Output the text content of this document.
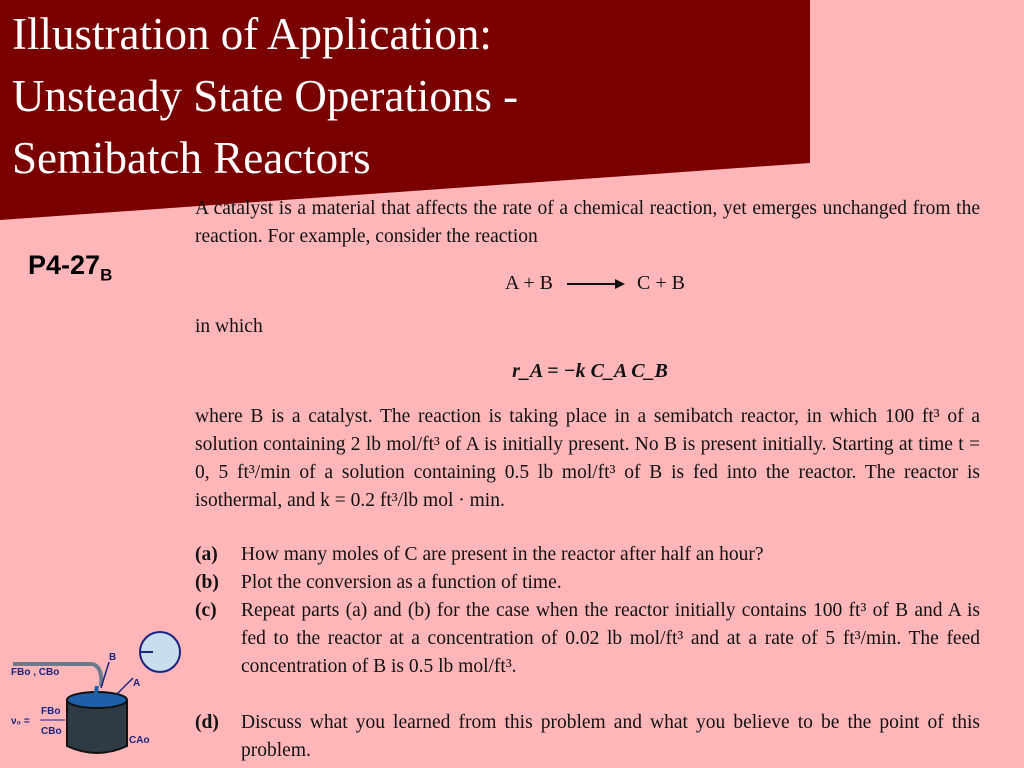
Illustration of Application:
Unsteady State Operations -
Semibatch Reactors
$P4-27_B$
A catalyst is a material that affects the rate of a chemical reaction, yet emerges unchanged from the reaction. For example, consider the reaction
A + B → C + B
in which
r_A = −k C_A C_B
where B is a catalyst. The reaction is taking place in a semibatch reactor, in which 100 ft³ of a solution containing 2 lb mol/ft³ of A is initially present. No B is present initially. Starting at time t = 0, 5 ft³/min of a solution containing 0.5 lb mol/ft³ of B is fed into the reactor. The reactor is isothermal, and k = 0.2 ft³/lb mol · min.
(a) How many moles of C are present in the reactor after half an hour?
(b) Plot the conversion as a function of time.
(c) Repeat parts (a) and (b) for the case when the reactor initially contains 100 ft³ of B and A is fed to the reactor at a concentration of 0.02 lb mol/ft³ and at a rate of 5 ft³/min. The feed concentration of B is 0.5 lb mol/ft³.
(d) Discuss what you learned from this problem and what you believe to be the point of this problem.
B
A
FBo , CBo
ν₀ =
FBo
CBo
CAo
